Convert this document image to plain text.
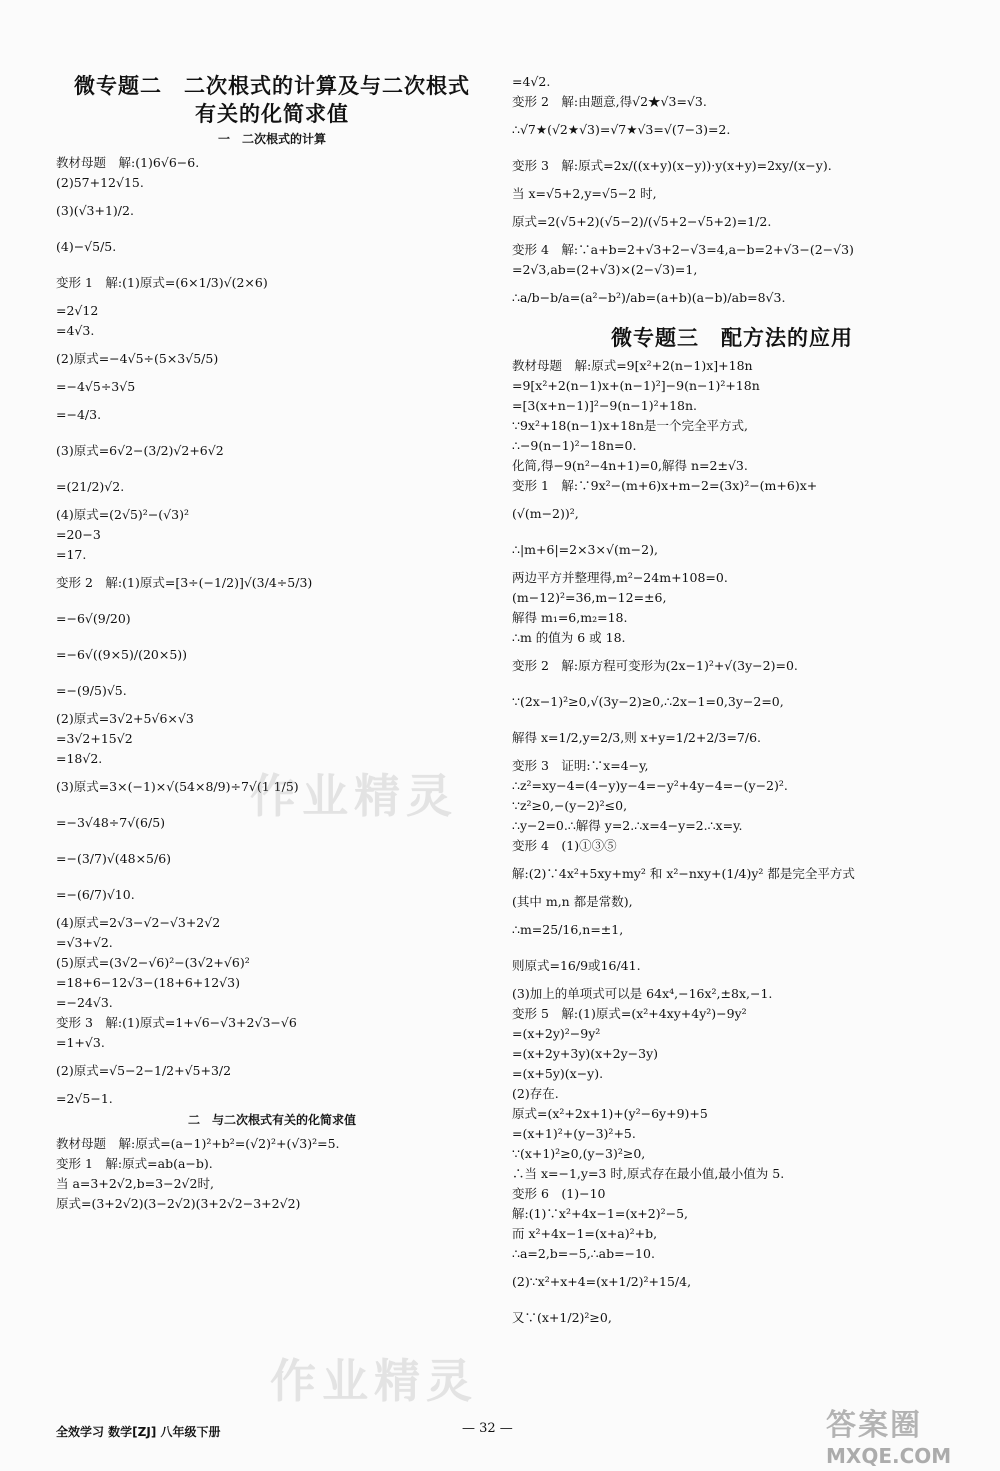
微专题二　二次根式的计算及与二次根式
有关的化简求值
一　二次根式的计算
教材母题　解:(1)6√6−6.
(2)57+12√15.
(3)(√3+1)/2.
(4)−√5/5.
变形 1　解:(1)原式=(6×1/3)√(2×6)
=2√12
=4√3.
(2)原式=−4√5÷(5×3√5/5)
=−4√5÷3√5
=−4/3.
(3)原式=6√2−(3/2)√2+6√2
=(21/2)√2.
(4)原式=(2√5)²−(√3)²
=20−3
=17.
变形 2　解:(1)原式=[3÷(−1/2)]√(3/4÷5/3)
=−6√(9/20)
=−6√((9×5)/(20×5))
=−(9/5)√5.
(2)原式=3√2+5√6×√3
=3√2+15√2
=18√2.
(3)原式=3×(−1)×√(54×8/9)÷7√(1 1/5)
=−3√48÷7√(6/5)
=−(3/7)√(48×5/6)
=−(6/7)√10.
(4)原式=2√3−√2−√3+2√2
=√3+√2.
(5)原式=(3√2−√6)²−(3√2+√6)²
=18+6−12√3−(18+6+12√3)
=−24√3.
变形 3　解:(1)原式=1+√6−√3+2√3−√6
=1+√3.
(2)原式=√5−2−1/2+√5+3/2
=2√5−1.
二　与二次根式有关的化简求值
教材母题　解:原式=(a−1)²+b²=(√2)²+(√3)²=5.
变形 1　解:原式=ab(a−b).
当 a=3+2√2,b=3−2√2时,
原式=(3+2√2)(3−2√2)(3+2√2−3+2√2)
=4√2.
变形 2　解:由题意,得√2★√3=√3.
∴√7★(√2★√3)=√7★√3=√(7−3)=2.
变形 3　解:原式=2x/((x+y)(x−y))·y(x+y)=2xy/(x−y).
当 x=√5+2,y=√5−2 时,
原式=2(√5+2)(√5−2)/(√5+2−√5+2)=1/2.
变形 4　解:∵a+b=2+√3+2−√3=4,a−b=2+√3−(2−√3)
=2√3,ab=(2+√3)×(2−√3)=1,
∴a/b−b/a=(a²−b²)/ab=(a+b)(a−b)/ab=8√3.
微专题三　配方法的应用
教材母题　解:原式=9[x²+2(n−1)x]+18n
=9[x²+2(n−1)x+(n−1)²]−9(n−1)²+18n
=[3(x+n−1)]²−9(n−1)²+18n.
∵9x²+18(n−1)x+18n是一个完全平方式,
∴−9(n−1)²−18n=0.
化简,得−9(n²−4n+1)=0,解得 n=2±√3.
变形 1　解:∵9x²−(m+6)x+m−2=(3x)²−(m+6)x+
(√(m−2))²,
∴|m+6|=2×3×√(m−2),
两边平方并整理得,m²−24m+108=0.
(m−12)²=36,m−12=±6,
解得 m₁=6,m₂=18.
∴m 的值为 6 或 18.
变形 2　解:原方程可变形为(2x−1)²+√(3y−2)=0.
∵(2x−1)²≥0,√(3y−2)≥0,∴2x−1=0,3y−2=0,
解得 x=1/2,y=2/3,则 x+y=1/2+2/3=7/6.
变形 3　证明:∵x=4−y,
∴z²=xy−4=(4−y)y−4=−y²+4y−4=−(y−2)².
∵z²≥0,−(y−2)²≤0,
∴y−2=0.∴解得 y=2.∴x=4−y=2.∴x=y.
变形 4　(1)①③⑤
解:(2)∵4x²+5xy+my² 和 x²−nxy+(1/4)y² 都是完全平方式
(其中 m,n 都是常数),
∴m=25/16,n=±1,
则原式=16/9或16/41.
(3)加上的单项式可以是 64x⁴,−16x²,±8x,−1.
变形 5　解:(1)原式=(x²+4xy+4y²)−9y²
=(x+2y)²−9y²
=(x+2y+3y)(x+2y−3y)
=(x+5y)(x−y).
(2)存在.
原式=(x²+2x+1)+(y²−6y+9)+5
=(x+1)²+(y−3)²+5.
∵(x+1)²≥0,(y−3)²≥0,
∴当 x=−1,y=3 时,原式存在最小值,最小值为 5.
变形 6　(1)−10
解:(1)∵x²+4x−1=(x+2)²−5,
而 x²+4x−1=(x+a)²+b,
∴a=2,b=−5,∴ab=−10.
(2)∵x²+x+4=(x+1/2)²+15/4,
又∵(x+1/2)²≥0,
作业精灵
作业精灵
全效学习 数学[ZJ] 八年级下册	— 32 —	答案圈
MXQE.COM
